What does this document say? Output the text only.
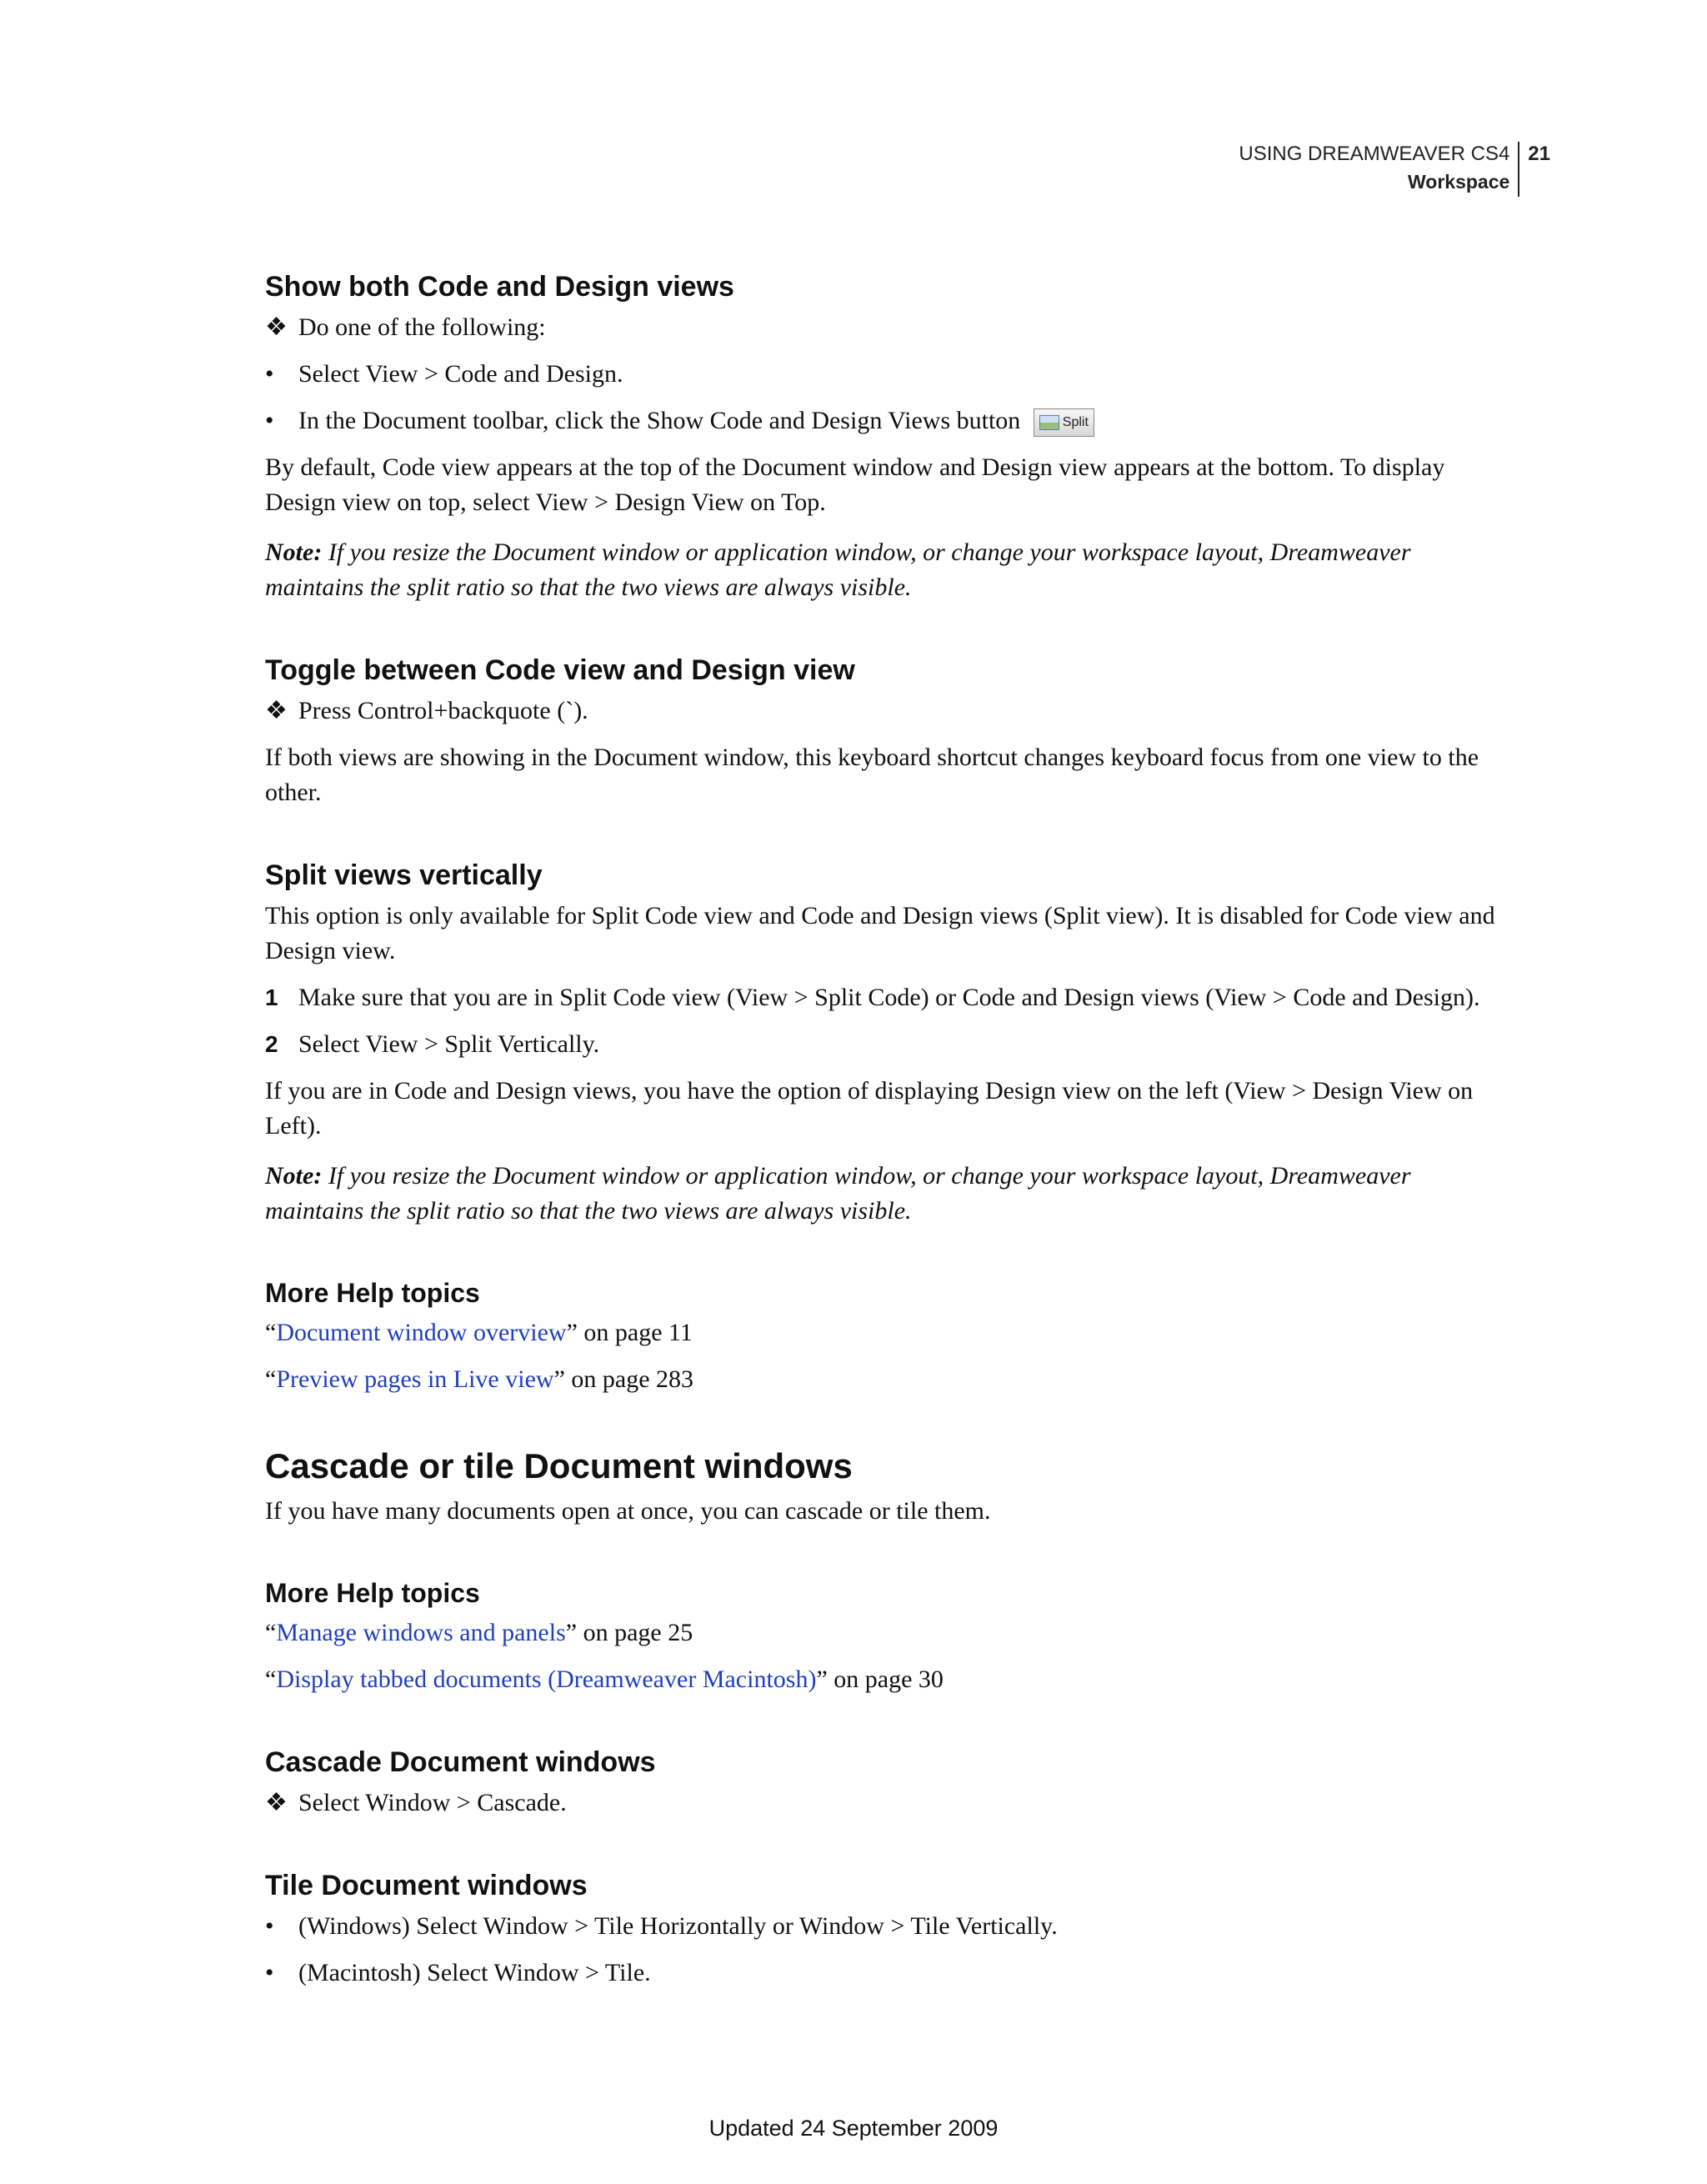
USING DREAMWEAVER CS4
Workspace
21
Show both Code and Design views
❖ Do one of the following:
• Select View > Code and Design.
• In the Document toolbar, click the Show Code and Design Views button	Split

By default, Code view appears at the top of the Document window and Design view appears at the bottom. To display Design view on top, select View > Design View on Top.

Note: If you resize the Document window or application window, or change your workspace layout, Dreamweaver maintains the split ratio so that the two views are always visible.

Toggle between Code view and Design view
❖ Press Control+backquote (`).

If both views are showing in the Document window, this keyboard shortcut changes keyboard focus from one view to the other.

Split views vertically

This option is only available for Split Code view and Code and Design views (Split view). It is disabled for Code view and Design view.

1 Make sure that you are in Split Code view (View > Split Code) or Code and Design views (View > Code and Design).
2 Select View > Split Vertically.

If you are in Code and Design views, you have the option of displaying Design view on the left (View > Design View on Left).

Note: If you resize the Document window or application window, or change your workspace layout, Dreamweaver maintains the split ratio so that the two views are always visible.

More Help topics

“Document window overview” on page 11

“Preview pages in Live view” on page 283

Cascade or tile Document windows

If you have many documents open at once, you can cascade or tile them.

More Help topics

“Manage windows and panels” on page 25

“Display tabbed documents (Dreamweaver Macintosh)” on page 30

Cascade Document windows
❖ Select Window > Cascade.
Tile Document windows
• (Windows) Select Window > Tile Horizontally or Window > Tile Vertically.
• (Macintosh) Select Window > Tile.
Updated 24 September 2009
